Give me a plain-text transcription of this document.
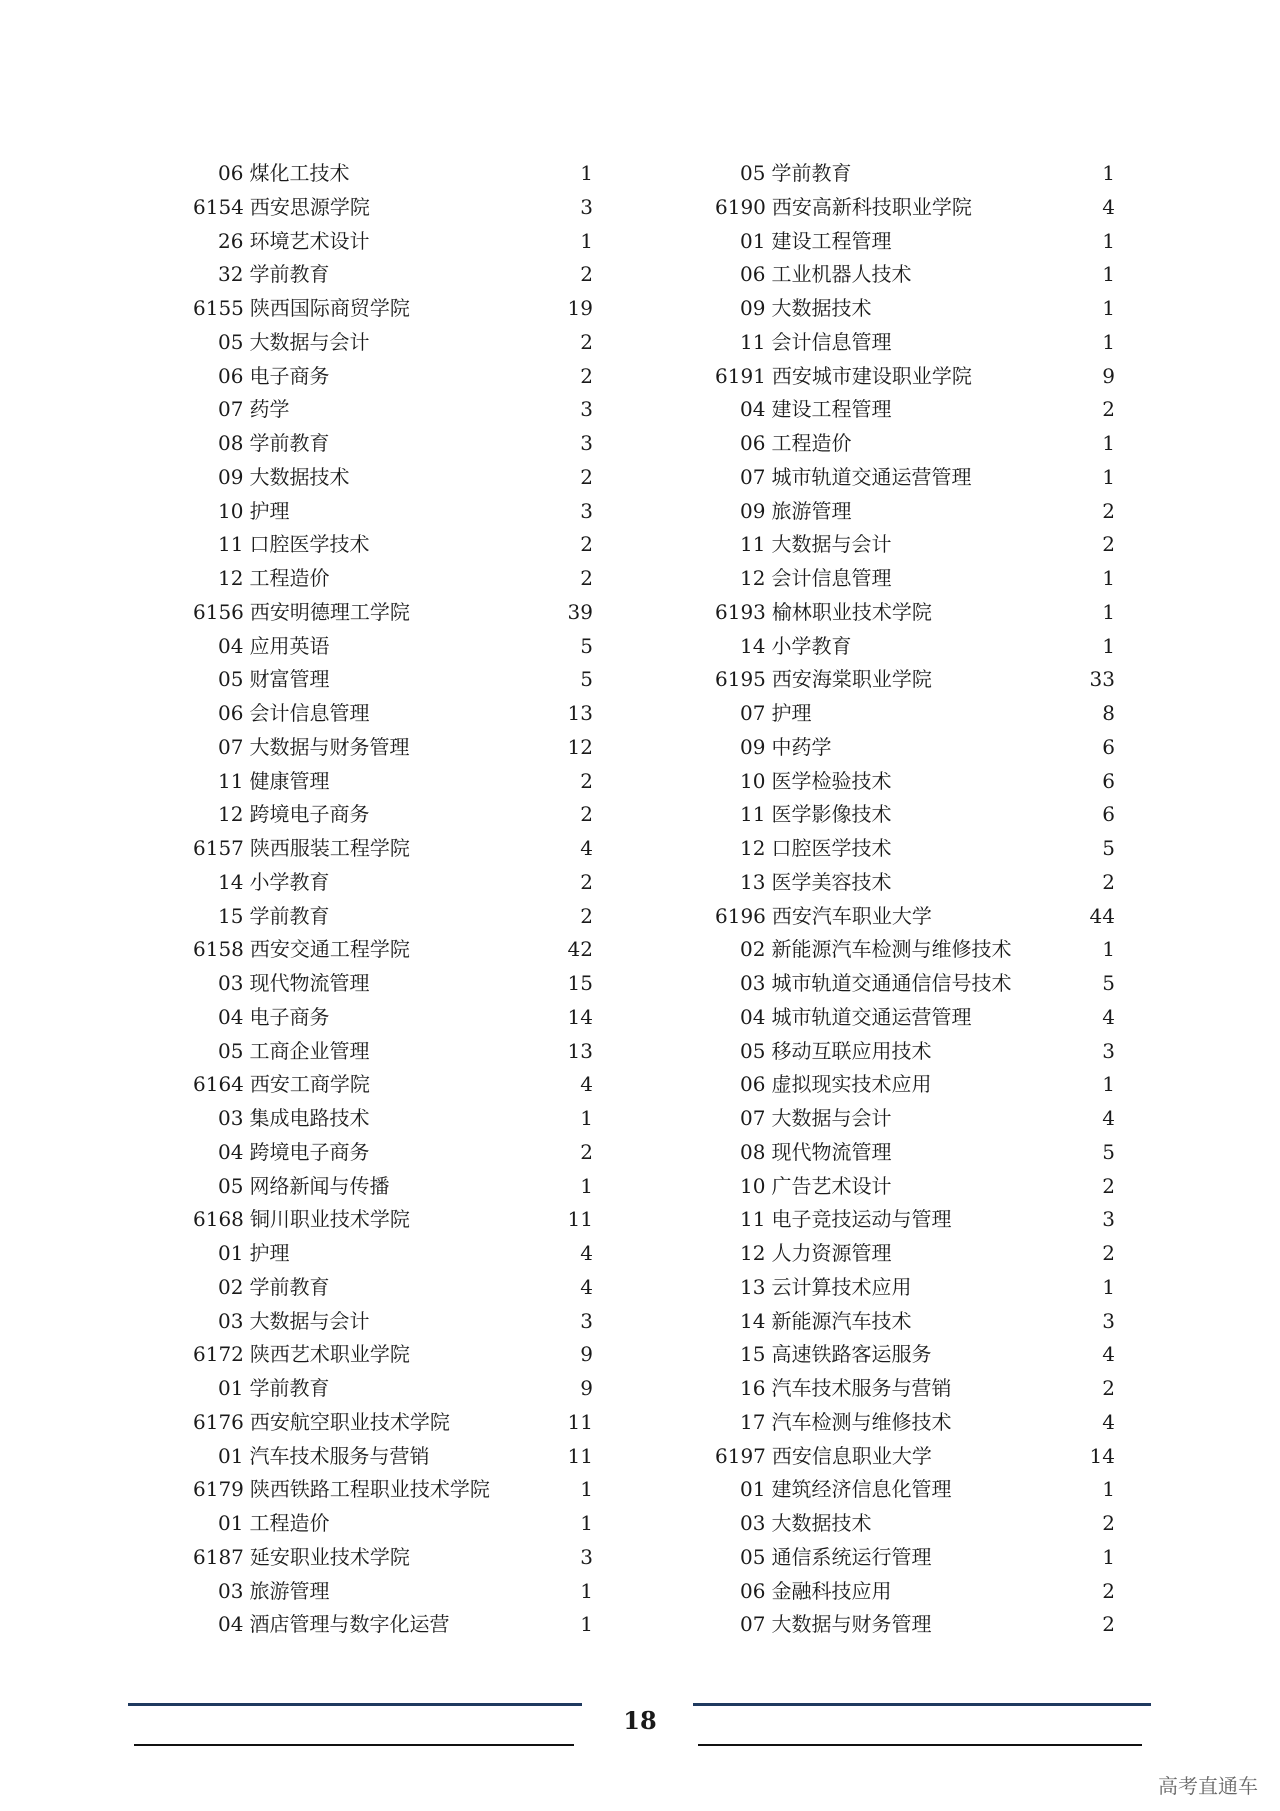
06 煤化工技术	1
6154 西安思源学院	3
26 环境艺术设计	1
32 学前教育	2
6155 陕西国际商贸学院	19
05 大数据与会计	2
06 电子商务	2
07 药学	3
08 学前教育	3
09 大数据技术	2
10 护理	3
11 口腔医学技术	2
12 工程造价	2
6156 西安明德理工学院	39
04 应用英语	5
05 财富管理	5
06 会计信息管理	13
07 大数据与财务管理	12
11 健康管理	2
12 跨境电子商务	2
6157 陕西服装工程学院	4
14 小学教育	2
15 学前教育	2
6158 西安交通工程学院	42
03 现代物流管理	15
04 电子商务	14
05 工商企业管理	13
6164 西安工商学院	4
03 集成电路技术	1
04 跨境电子商务	2
05 网络新闻与传播	1
6168 铜川职业技术学院	11
01 护理	4
02 学前教育	4
03 大数据与会计	3
6172 陕西艺术职业学院	9
01 学前教育	9
6176 西安航空职业技术学院	11
01 汽车技术服务与营销	11
6179 陕西铁路工程职业技术学院	1
01 工程造价	1
6187 延安职业技术学院	3
03 旅游管理	1
04 酒店管理与数字化运营	1
05 学前教育	1
6190 西安高新科技职业学院	4
01 建设工程管理	1
06 工业机器人技术	1
09 大数据技术	1
11 会计信息管理	1
6191 西安城市建设职业学院	9
04 建设工程管理	2
06 工程造价	1
07 城市轨道交通运营管理	1
09 旅游管理	2
11 大数据与会计	2
12 会计信息管理	1
6193 榆林职业技术学院	1
14 小学教育	1
6195 西安海棠职业学院	33
07 护理	8
09 中药学	6
10 医学检验技术	6
11 医学影像技术	6
12 口腔医学技术	5
13 医学美容技术	2
6196 西安汽车职业大学	44
02 新能源汽车检测与维修技术	1
03 城市轨道交通通信信号技术	5
04 城市轨道交通运营管理	4
05 移动互联应用技术	3
06 虚拟现实技术应用	1
07 大数据与会计	4
08 现代物流管理	5
10 广告艺术设计	2
11 电子竞技运动与管理	3
12 人力资源管理	2
13 云计算技术应用	1
14 新能源汽车技术	3
15 高速铁路客运服务	4
16 汽车技术服务与营销	2
17 汽车检测与维修技术	4
6197 西安信息职业大学	14
01 建筑经济信息化管理	1
03 大数据技术	2
05 通信系统运行管理	1
06 金融科技应用	2
07 大数据与财务管理	2
18
高考直通车
